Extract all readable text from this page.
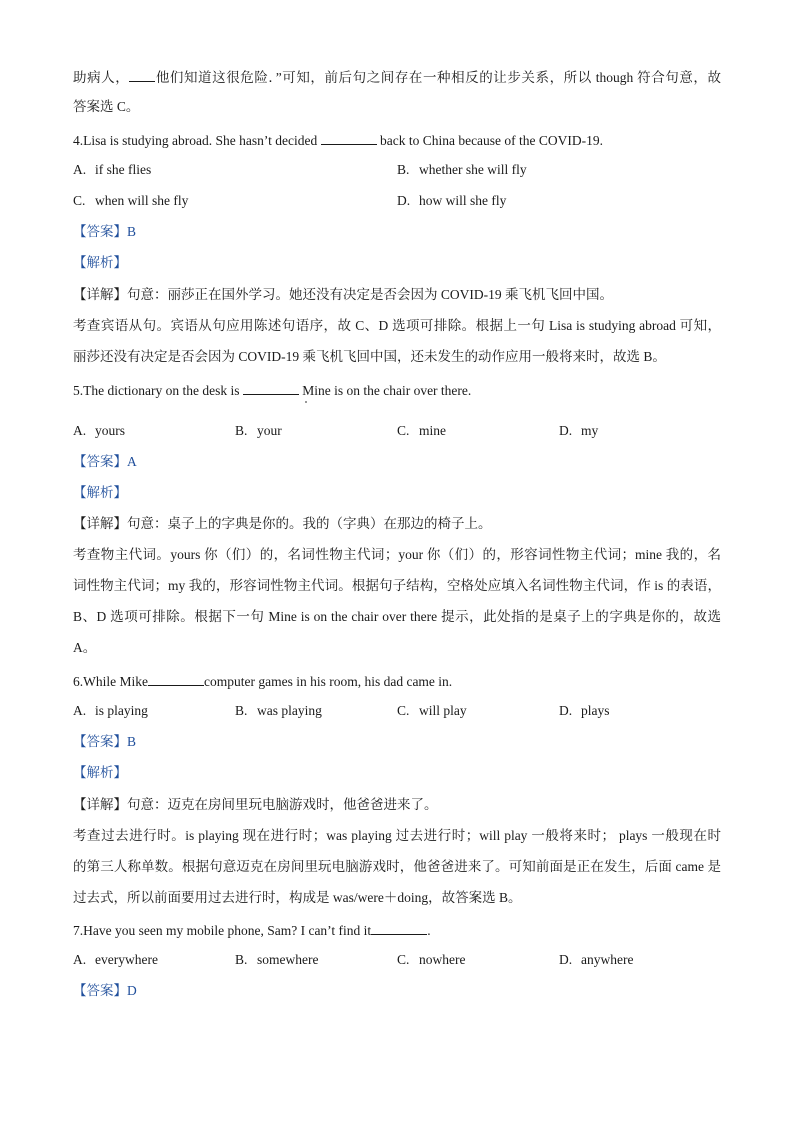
助病人， 他们知道这很危险．”可知，前后句之间存在一种相反的让步关系，所以 though 符合句意，故
答案选 C。
4.Lisa is studying abroad. She hasn’t decided	back to China because of the COVID-19.
A. if she flies	B. whether she will fly
C. when will she fly	D. how will she fly
【答案】B
【解析】
【详解】句意：丽莎正在国外学习。她还没有决定是否会因为 COVID-19 乘飞机飞回中国。
考查宾语从句。宾语从句应用陈述句语序，故 C、D 选项可排除。根据上一句 Lisa is studying abroad 可知，
丽莎还没有决定是否会因为 COVID-19 乘飞机飞回中国，还未发生的动作应用一般将来时，故选 B。
5.The dictionary on the desk is	Mine is on the chair over there.
A. yours	B. your	C. mine	D. my
【答案】A
【解析】
【详解】句意：桌子上的字典是你的。我的（字典）在那边的椅子上。
考查物主代词。yours 你（们）的，名词性物主代词；your 你（们）的，形容词性物主代词；mine 我的，名
词性物主代词；my 我的，形容词性物主代词。根据句子结构，空格处应填入名词性物主代词，作 is 的表语，
B、D 选项可排除。根据下一句 Mine is on the chair over there 提示，此处指的是桌子上的字典是你的，故选
A。
6.While Mike	computer games in his room, his dad came in.
A. is playing	B. was playing	C. will play	D. plays
【答案】B
【解析】
【详解】句意：迈克在房间里玩电脑游戏时，他爸爸进来了。
考查过去进行时。is playing 现在进行时；was playing 过去进行时；will play 一般将来时； plays 一般现在时
的第三人称单数。根据句意迈克在房间里玩电脑游戏时，他爸爸进来了。可知前面是正在发生，后面 came 是
过去式，所以前面要用过去进行时，构成是 was/were＋doing，故答案选 B。
7.Have you seen my mobile phone, Sam? I can’t find it	.
A. everywhere	B. somewhere	C. nowhere	D. anywhere
【答案】D
